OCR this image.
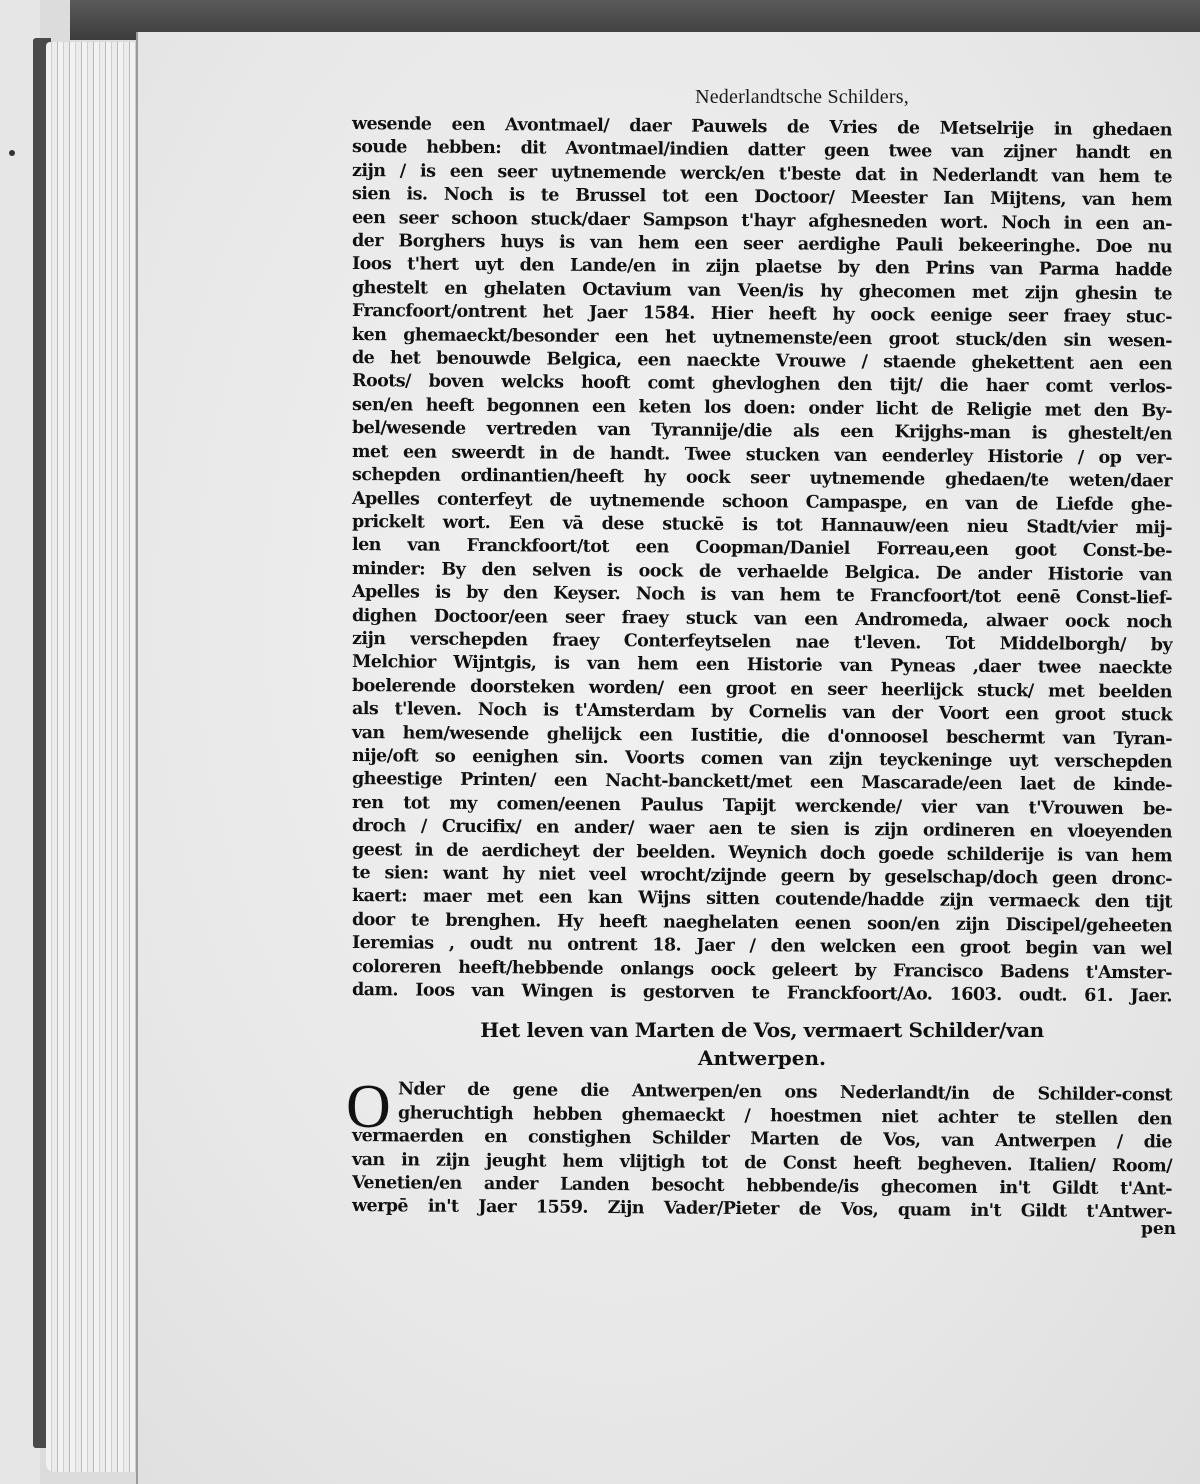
Nederlandtsche Schilders,
wesende een Avontmael/ daer Pauwels de Vries de Metselrije in ghedaen
soude hebben: dit Avontmael/indien datter geen twee van zijner handt en
zijn / is een seer uytnemende werck/en t'beste dat in Nederlandt van hem te
sien is. Noch is te Brussel tot een Doctoor/ Meester Ian Mijtens, van hem
een seer schoon stuck/daer Sampson t'hayr afghesneden wort. Noch in een an-
der Borghers huys is van hem een seer aerdighe Pauli bekeeringhe. Doe nu
Ioos t'hert uyt den Lande/en in zijn plaetse by den Prins van Parma hadde
ghestelt en ghelaten Octavium van Veen/is hy ghecomen met zijn ghesin te
Francfoort/ontrent het Jaer 1584. Hier heeft hy oock eenige seer fraey stuc-
ken ghemaeckt/besonder een het uytnemenste/een groot stuck/den sin wesen-
de het benouwde Belgica, een naeckte Vrouwe / staende ghekettent aen een
Roots/ boven welcks hooft comt ghevloghen den tijt/ die haer comt verlos-
sen/en heeft begonnen een keten los doen: onder licht de Religie met den By-
bel/wesende vertreden van Tyrannije/die als een Krijghs-man is ghestelt/en
met een sweerdt in de handt. Twee stucken van eenderley Historie / op ver-
schepden ordinantien/heeft hy oock seer uytnemende ghedaen/te weten/daer
Apelles conterfeyt de uytnemende schoon Campaspe, en van de Liefde ghe-
prickelt wort. Een vā dese stuckē is tot Hannauw/een nieu Stadt/vier mij-
len van Franckfoort/tot een Coopman/Daniel Forreau,een goot Const-be-
minder: By den selven is oock de verhaelde Belgica. De ander Historie van
Apelles is by den Keyser. Noch is van hem te Francfoort/tot eenē Const-lief-
dighen Doctoor/een seer fraey stuck van een Andromeda, alwaer oock noch
zijn verschepden fraey Conterfeytselen nae t'leven. Tot Middelborgh/ by
Melchior Wijntgis, is van hem een Historie van Pyneas ,daer twee naeckte
boelerende doorsteken worden/ een groot en seer heerlijck stuck/ met beelden
als t'leven. Noch is t'Amsterdam by Cornelis van der Voort een groot stuck
van hem/wesende ghelijck een Iustitie, die d'onnoosel beschermt van Tyran-
nije/oft so eenighen sin. Voorts comen van zijn teyckeninge uyt verschepden
gheestige Printen/ een Nacht-banckett/met een Mascarade/een laet de kinde-
ren tot my comen/eenen Paulus Tapijt werckende/ vier van t'Vrouwen be-
droch / Crucifix/ en ander/ waer aen te sien is zijn ordineren en vloeyenden
geest in de aerdicheyt der beelden. Weynich doch goede schilderije is van hem
te sien: want hy niet veel wrocht/zijnde geern by geselschap/doch geen dronc-
kaert: maer met een kan Wijns sitten coutende/hadde zijn vermaeck den tijt
door te brenghen. Hy heeft naeghelaten eenen soon/en zijn Discipel/geheeten
Ieremias , oudt nu ontrent 18. Jaer / den welcken een groot begin van wel
coloreren heeft/hebbende onlangs oock geleert by Francisco Badens t'Amster-
dam. Ioos van Wingen is gestorven te Franckfoort/Ao. 1603. oudt. 61. Jaer.
Het leven van Marten de Vos, vermaert Schilder/van
Antwerpen.
O Nder de gene die Antwerpen/en ons Nederlandt/in de Schilder-const
gheruchtigh hebben ghemaeckt / hoestmen niet achter te stellen den
vermaerden en constighen Schilder Marten de Vos, van Antwerpen / die
van in zijn jeught hem vlijtigh tot de Const heeft begheven. Italien/ Room/
Venetien/en ander Landen besocht hebbende/is ghecomen in't Gildt t'Ant-
werpē in't Jaer 1559. Zijn Vader/Pieter de Vos, quam in't Gildt t'Antwer-
pen
